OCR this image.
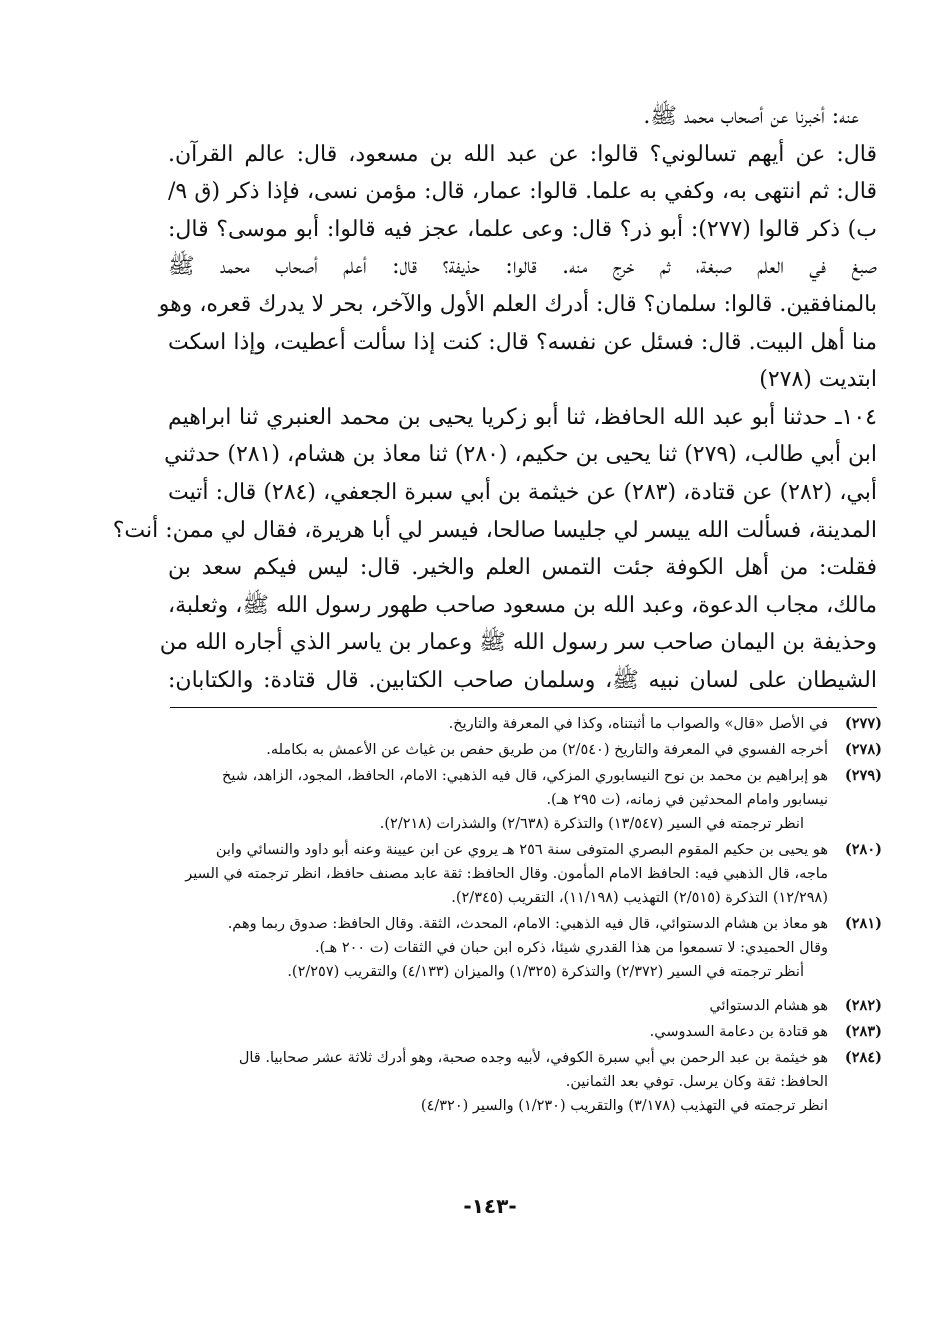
عنه: أخبرنا عن أصحاب محمد ﷺ.
قال: عن أيهم تسالوني؟ قالوا: عن عبد الله بن مسعود، قال: عالم القرآن.
قال: ثم انتهى به، وكفي به علما. قالوا: عمار، قال: مؤمن نسى، فإذا ذكر (ق ٩/
ب) ذكر قالوا (٢٧٧): أبو ذر؟ قال: وعى علما، عجز فيه قالوا: أبو موسى؟ قال:
صبغ في العلم صبغة، ثم خرج منه. قالوا: حذيفة؟ قال: أعلم أصحاب محمد ﷺ
بالمنافقين. قالوا: سلمان؟ قال: أدرك العلم الأول والآخر، بحر لا يدرك قعره، وهو
منا أهل البيت. قال: فسئل عن نفسه؟ قال: كنت إذا سألت أعطيت، وإذا اسكت
ابتديت (٢٧٨)
١٠٤ـ حدثنا أبو عبد الله الحافظ، ثنا أبو زكريا يحيى بن محمد العنبري ثنا ابراهيم
ابن أبي طالب، (٢٧٩) ثنا يحيى بن حكيم، (٢٨٠) ثنا معاذ بن هشام، (٢٨١) حدثني
أبي، (٢٨٢) عن قتادة، (٢٨٣) عن خيثمة بن أبي سبرة الجعفي، (٢٨٤) قال: أتيت
المدينة، فسألت الله ييسر لي جليسا صالحا، فيسر لي أبا هريرة، فقال لي ممن: أنت؟
فقلت: من أهل الكوفة جئت التمس العلم والخير. قال: ليس فيكم سعد بن
مالك، مجاب الدعوة، وعبد الله بن مسعود صاحب طهور رسول الله ﷺ، وثعلبة،
وحذيفة بن اليمان صاحب سر رسول الله ﷺ وعمار بن ياسر الذي أجاره الله من
الشيطان على لسان نبيه ﷺ، وسلمان صاحب الكتابين. قال قتادة: والكتابان:
(٢٧٧)
في الأصل «قال» والصواب ما أثبتناه، وكذا في المعرفة والتاريخ.
(٢٧٨)
أخرجه الفسوي في المعرفة والتاريخ (٢/٥٤٠) من طريق حفص بن غياث عن الأعمش به بكامله.
(٢٧٩)
هو إبراهيم بن محمد بن نوح النيسابوري المزكي، قال فيه الذهبي: الامام، الحافظ، المجود، الزاهد، شيخ
نيسابور وامام المحدثين في زمانه، (ت ٢٩٥ هـ).
انظر ترجمته في السير (١٣/٥٤٧) والتذكرة (٢/٦٣٨) والشذرات (٢/٢١٨).
(٢٨٠)
هو يحيى بن حكيم المقوم البصري المتوفى سنة ٢٥٦ هـ يروي عن ابن عيينة وعنه أبو داود والنسائي وابن
ماجه، قال الذهبي فيه: الحافظ الامام المأمون. وقال الحافظ: ثقة عابد مصنف حافظ، انظر ترجمته في السير
(١٢/٢٩٨) التذكرة (٢/٥١٥) التهذيب (١١/١٩٨)، التقريب (٢/٣٤٥).
(٢٨١)
هو معاذ بن هشام الدستوائي، قال فيه الذهبي: الامام، المحدث، الثقة. وقال الحافظ: صدوق ربما وهم.
وقال الحميدي: لا تسمعوا من هذا القدري شيئا، ذكره ابن حبان في الثقات (ت ٢٠٠ هـ).
أنظر ترجمته في السير (٢/٣٧٢) والتذكرة (١/٣٢٥) والميزان (٤/١٣٣) والتقريب (٢/٢٥٧).
(٢٨٢)
هو هشام الدستوائي
(٢٨٣)
هو قتادة بن دعامة السدوسي.
(٢٨٤)
هو خيثمة بن عبد الرحمن بي أبي سبرة الكوفي، لأبيه وجده صحبة، وهو أدرك ثلاثة عشر صحابيا. قال
الحافظ: ثقة وكان يرسل. توفي بعد الثمانين.
انظر ترجمته في التهذيب (٣/١٧٨) والتقريب (١/٢٣٠) والسير (٤/٣٢٠)
-١٤٣-
